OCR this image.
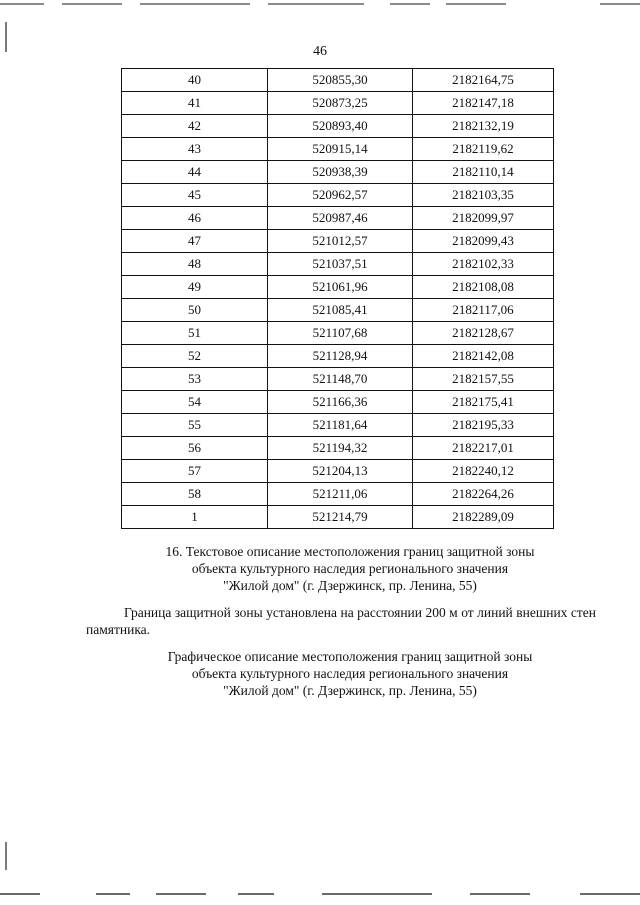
46
40	520855,30	2182164,75
41	520873,25	2182147,18
42	520893,40	2182132,19
43	520915,14	2182119,62
44	520938,39	2182110,14
45	520962,57	2182103,35
46	520987,46	2182099,97
47	521012,57	2182099,43
48	521037,51	2182102,33
49	521061,96	2182108,08
50	521085,41	2182117,06
51	521107,68	2182128,67
52	521128,94	2182142,08
53	521148,70	2182157,55
54	521166,36	2182175,41
55	521181,64	2182195,33
56	521194,32	2182217,01
57	521204,13	2182240,12
58	521211,06	2182264,26
1	521214,79	2182289,09
16. Текстовое описание местоположения границ защитной зоны
объекта культурного наследия регионального значения
"Жилой дом" (г. Дзержинск, пр. Ленина, 55)
Граница защитной зоны установлена на расстоянии 200 м от линий внешних стен памятника.
Графическое описание местоположения границ защитной зоны
объекта культурного наследия регионального значения
"Жилой дом" (г. Дзержинск, пр. Ленина, 55)
